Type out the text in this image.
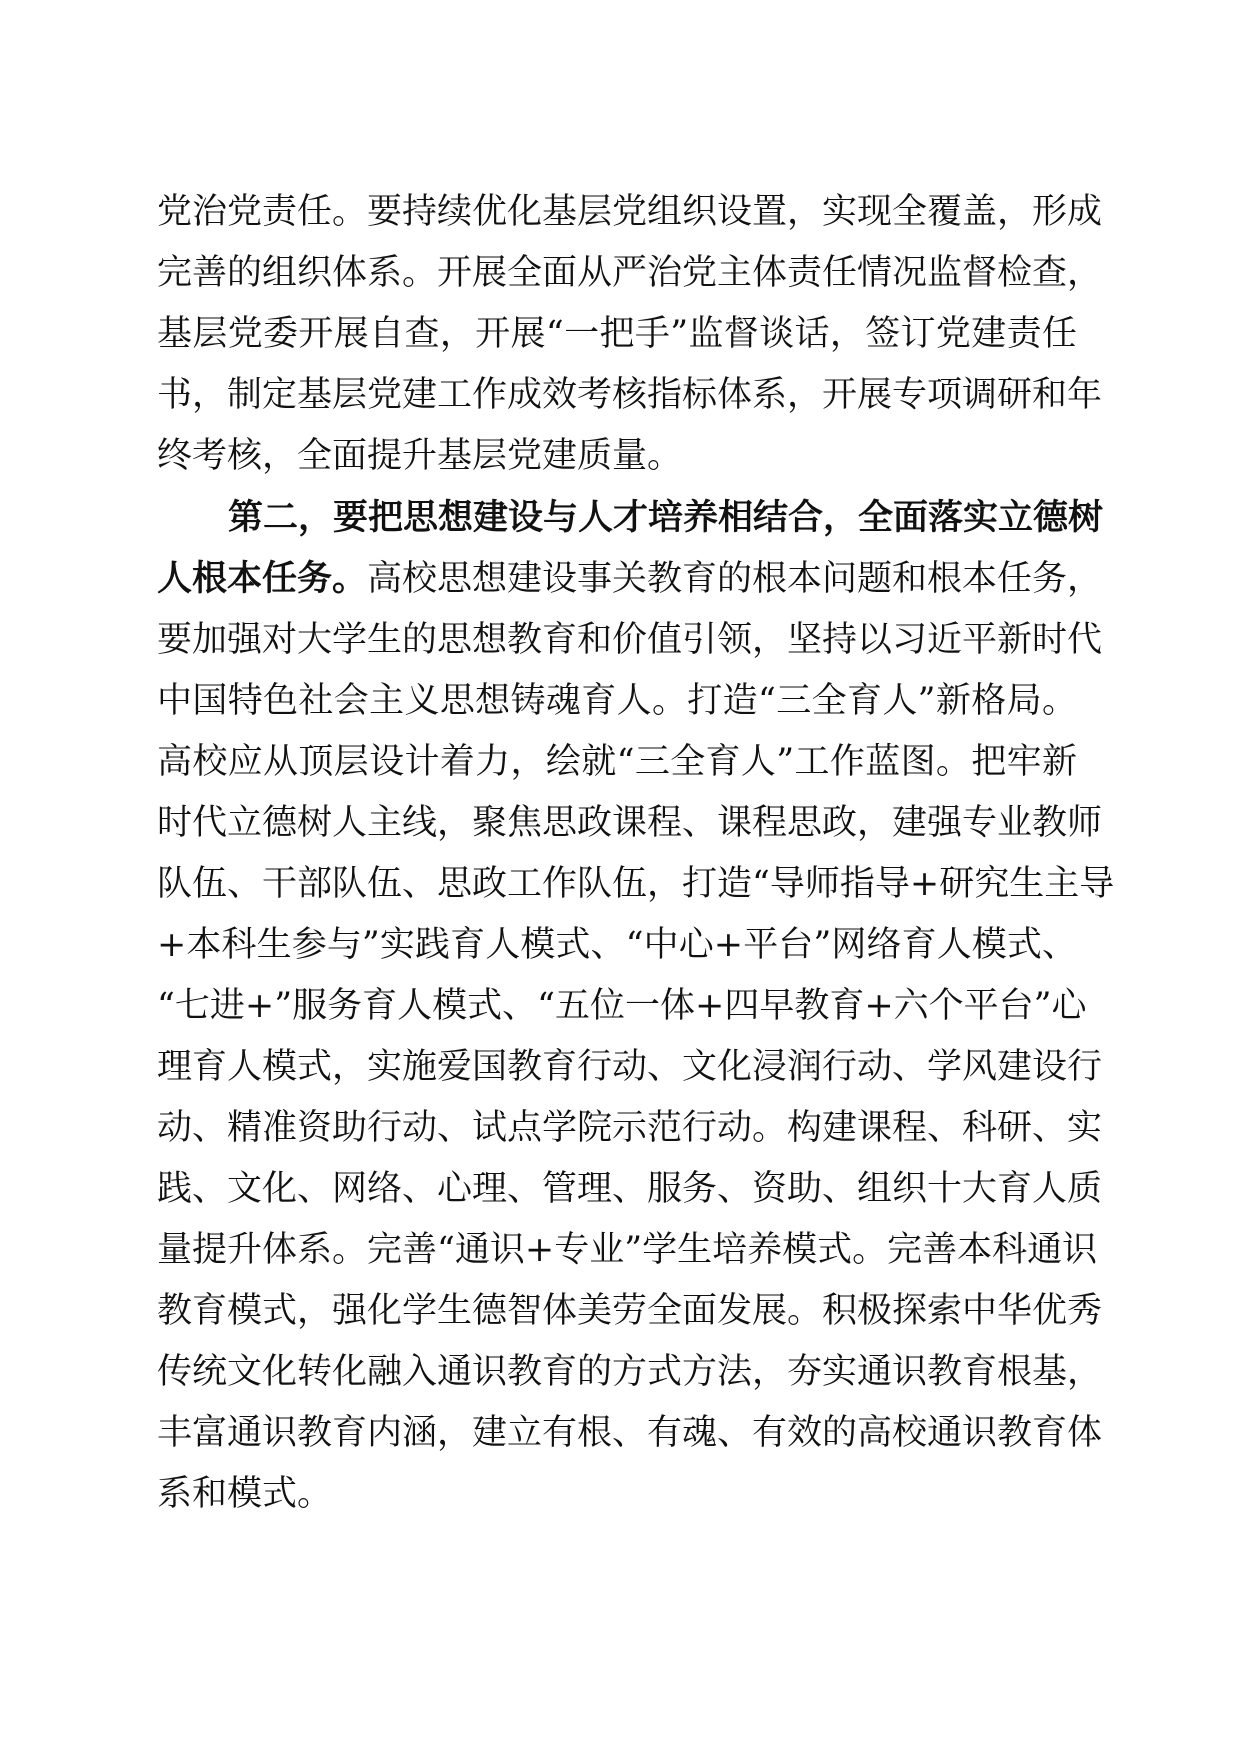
党治党责任。要持续优化基层党组织设置，实现全覆盖，形成
完善的组织体系。开展全面从严治党主体责任情况监督检查，
基层党委开展自查，开展“一把手”监督谈话，签订党建责任
书，制定基层党建工作成效考核指标体系，开展专项调研和年
终考核，全面提升基层党建质量。
第二，要把思想建设与人才培养相结合，全面落实立德树
人根本任务。高校思想建设事关教育的根本问题和根本任务，
要加强对大学生的思想教育和价值引领，坚持以习近平新时代
中国特色社会主义思想铸魂育人。打造“三全育人”新格局。
高校应从顶层设计着力，绘就“三全育人”工作蓝图。把牢新
时代立德树人主线，聚焦思政课程、课程思政，建强专业教师
队伍、干部队伍、思政工作队伍，打造“导师指导+研究生主导
+本科生参与”实践育人模式、“中心+平台”网络育人模式、
“七进+”服务育人模式、“五位一体+四早教育+六个平台”心
理育人模式，实施爱国教育行动、文化浸润行动、学风建设行
动、精准资助行动、试点学院示范行动。构建课程、科研、实
践、文化、网络、心理、管理、服务、资助、组织十大育人质
量提升体系。完善“通识+专业”学生培养模式。完善本科通识
教育模式，强化学生德智体美劳全面发展。积极探索中华优秀
传统文化转化融入通识教育的方式方法，夯实通识教育根基，
丰富通识教育内涵，建立有根、有魂、有效的高校通识教育体
系和模式。
